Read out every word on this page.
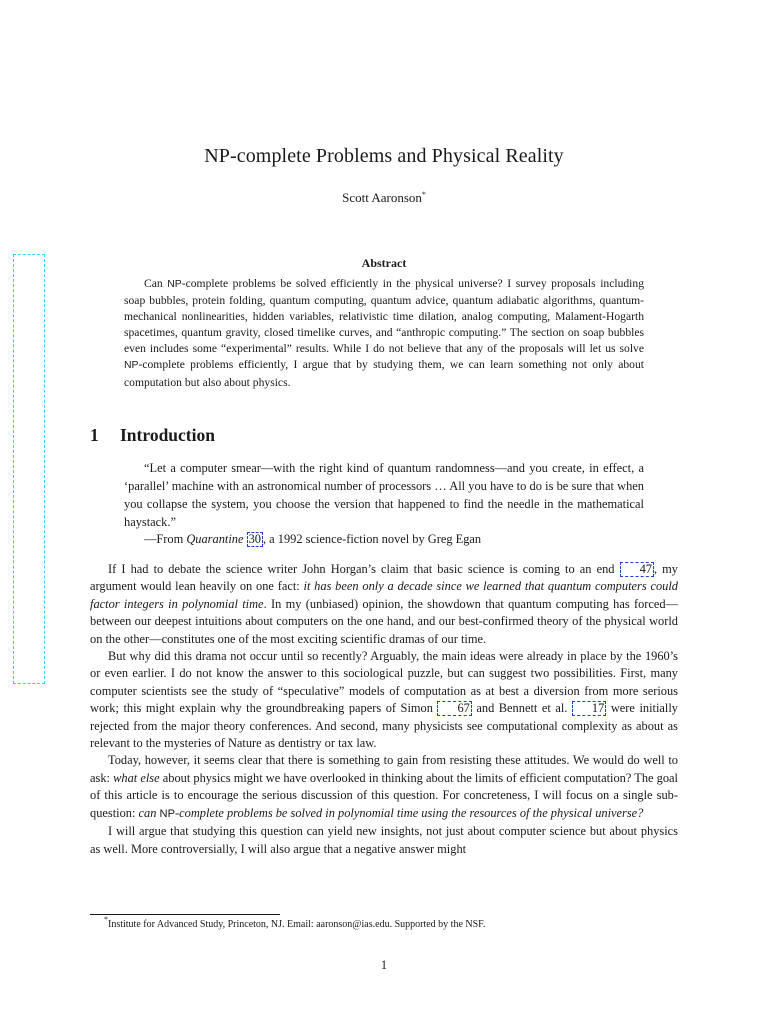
NP-complete Problems and Physical Reality
Scott Aaronson*
Abstract

Can NP-complete problems be solved efficiently in the physical universe? I survey proposals including soap bubbles, protein folding, quantum computing, quantum advice, quantum adiabatic algorithms, quantum-mechanical nonlinearities, hidden variables, relativistic time dilation, analog computing, Malament-Hogarth spacetimes, quantum gravity, closed timelike curves, and “anthropic computing.” The section on soap bubbles even includes some “experimental” results. While I do not believe that any of the proposals will let us solve NP-complete problems efficiently, I argue that by studying them, we can learn something not only about computation but also about physics.

1 Introduction

“Let a computer smear—with the right kind of quantum randomness—and you create, in effect, a ‘parallel’ machine with an astronomical number of processors … All you have to do is be sure that when you collapse the system, you choose the version that happened to find the needle in the mathematical haystack.”

—From Quarantine 30 , a 1992 science-fiction novel by Greg Egan

If I had to debate the science writer John Horgan’s claim that basic science is coming to an end 47 , my argument would lean heavily on one fact: it has been only a decade since we learned that quantum computers could factor integers in polynomial time. In my (unbiased) opinion, the showdown that quantum computing has forced—between our deepest intuitions about computers on the one hand, and our best-confirmed theory of the physical world on the other—constitutes one of the most exciting scientific dramas of our time.

But why did this drama not occur until so recently? Arguably, the main ideas were already in place by the 1960’s or even earlier. I do not know the answer to this sociological puzzle, but can suggest two possibilities. First, many computer scientists see the study of “speculative” models of computation as at best a diversion from more serious work; this might explain why the groundbreaking papers of Simon 67 and Bennett et al. 17 were initially rejected from the major theory conferences. And second, many physicists see computational complexity as about as relevant to the mysteries of Nature as dentistry or tax law.

Today, however, it seems clear that there is something to gain from resisting these attitudes. We would do well to ask: what else about physics might we have overlooked in thinking about the limits of efficient computation? The goal of this article is to encourage the serious discussion of this question. For concreteness, I will focus on a single sub-question: can NP-complete problems be solved in polynomial time using the resources of the physical universe?

I will argue that studying this question can yield new insights, not just about computer science but about physics as well. More controversially, I will also argue that a negative answer might

*Institute for Advanced Study, Princeton, NJ. Email: aaronson@ias.edu. Supported by the NSF.
1
